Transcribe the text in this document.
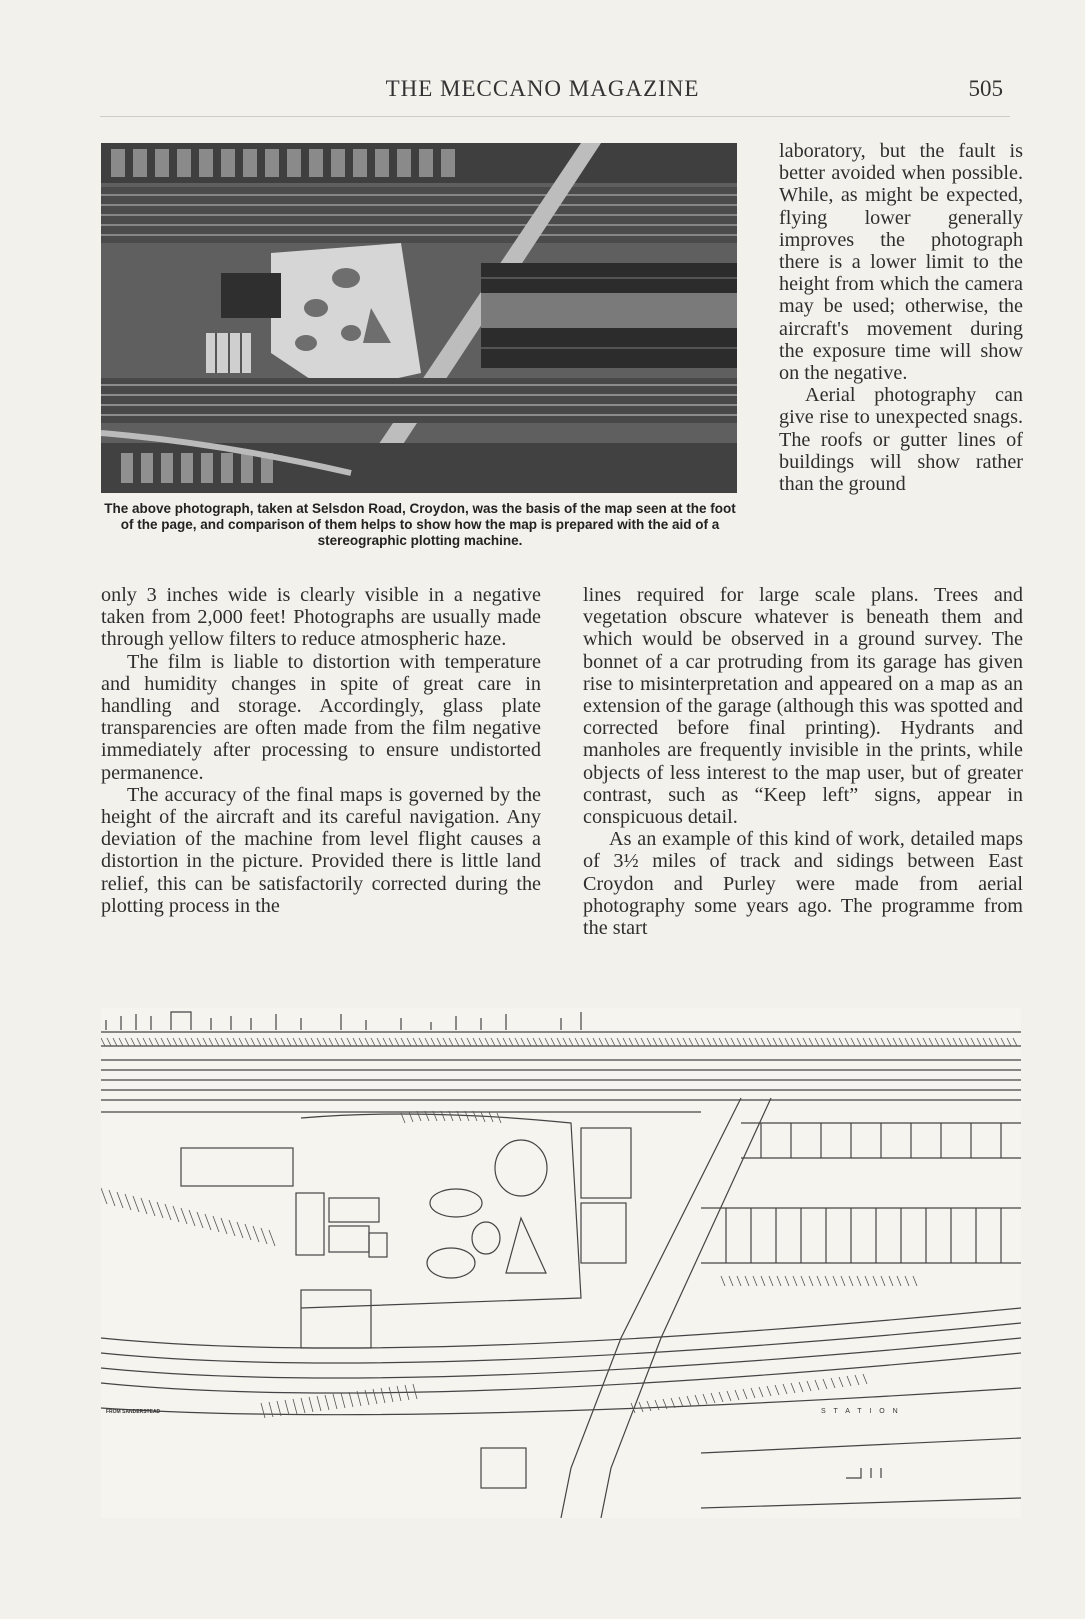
THE MECCANO MAGAZINE	505
The above photograph, taken at Selsdon Road, Croydon, was the basis of the map seen at the foot of the page, and comparison of them helps to show how the map is prepared with the aid of a stereographic plotting machine.

laboratory, but the fault is better avoided when possible. While, as might be expected, flying lower generally improves the photograph there is a lower limit to the height from which the camera may be used; otherwise, the aircraft's movement during the exposure time will show on the negative.

Aerial photography can give rise to unexpected snags. The roofs or gutter lines of buildings will show rather than the ground

only 3 inches wide is clearly visible in a negative taken from 2,000 feet! Photographs are usually made through yellow filters to reduce atmospheric haze.

The film is liable to distortion with temperature and humidity changes in spite of great care in handling and storage. Accordingly, glass plate transparencies are often made from the film negative immediately after processing to ensure undistorted permanence.

The accuracy of the final maps is governed by the height of the aircraft and its careful navigation. Any deviation of the machine from level flight causes a distortion in the picture. Provided there is little land relief, this can be satisfactorily corrected during the plotting process in the

lines required for large scale plans. Trees and vegetation obscure whatever is beneath them and which would be observed in a ground survey. The bonnet of a car protruding from its garage has given rise to misinterpretation and appeared on a map as an extension of the garage (although this was spotted and corrected before final printing). Hydrants and manholes are frequently invisible in the prints, while objects of less interest to the map user, but of greater contrast, such as “Keep left” signs, appear in conspicuous detail.

As an example of this kind of work, detailed maps of 3½ miles of track and sidings between East Croydon and Purley were made from aerial photography some years ago. The programme from the start

S T A T I O N
FROM SANDERSTEAD
